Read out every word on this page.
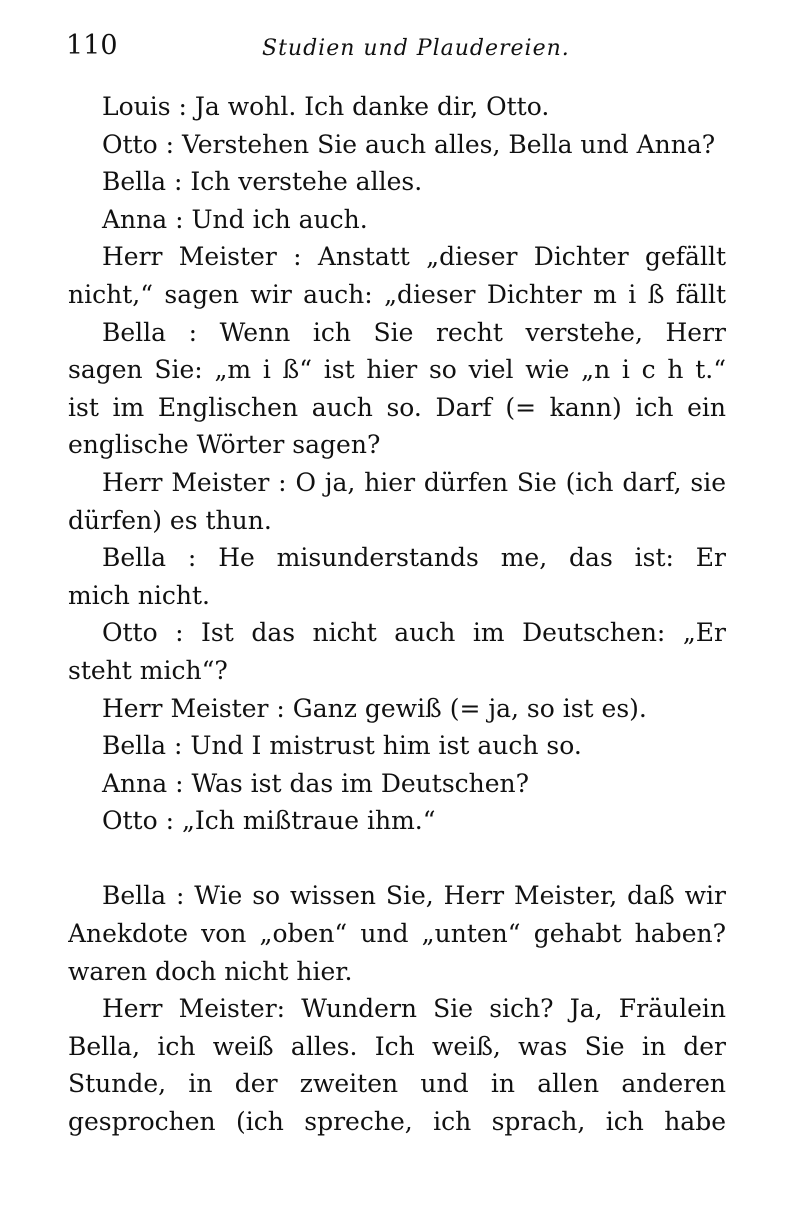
110	Studien und Plaudereien.
Louis : Ja wohl. Ich danke dir, Otto.
Otto : Verstehen Sie auch alles, Bella und Anna?
Bella : Ich verstehe alles.
Anna : Und ich auch.
Herr Meister : Anstatt „dieser Dichter gefällt
nicht,“ sagen wir auch: „dieser Dichter m i ß fällt
Bella : Wenn ich Sie recht verstehe, Herr
sagen Sie: „m i ß“ ist hier so viel wie „n i c h t.“
ist im Englischen auch so. Darf (= kann) ich ein
englische Wörter sagen?
Herr Meister : O ja, hier dürfen Sie (ich darf, sie
dürfen) es thun.
Bella : He misunderstands me, das ist: Er
mich nicht.
Otto : Ist das nicht auch im Deutschen: „Er
steht mich“?
Herr Meister : Ganz gewiß (= ja, so ist es).
Bella : Und I mistrust him ist auch so.
Anna : Was ist das im Deutschen?
Otto : „Ich mißtraue ihm.“
Bella : Wie so wissen Sie, Herr Meister, daß wir
Anekdote von „oben“ und „unten“ gehabt haben?
waren doch nicht hier.
Herr Meister: Wundern Sie sich? Ja, Fräulein
Bella, ich weiß alles. Ich weiß, was Sie in der
Stunde, in der zweiten und in allen anderen
gesprochen (ich spreche, ich sprach, ich habe
